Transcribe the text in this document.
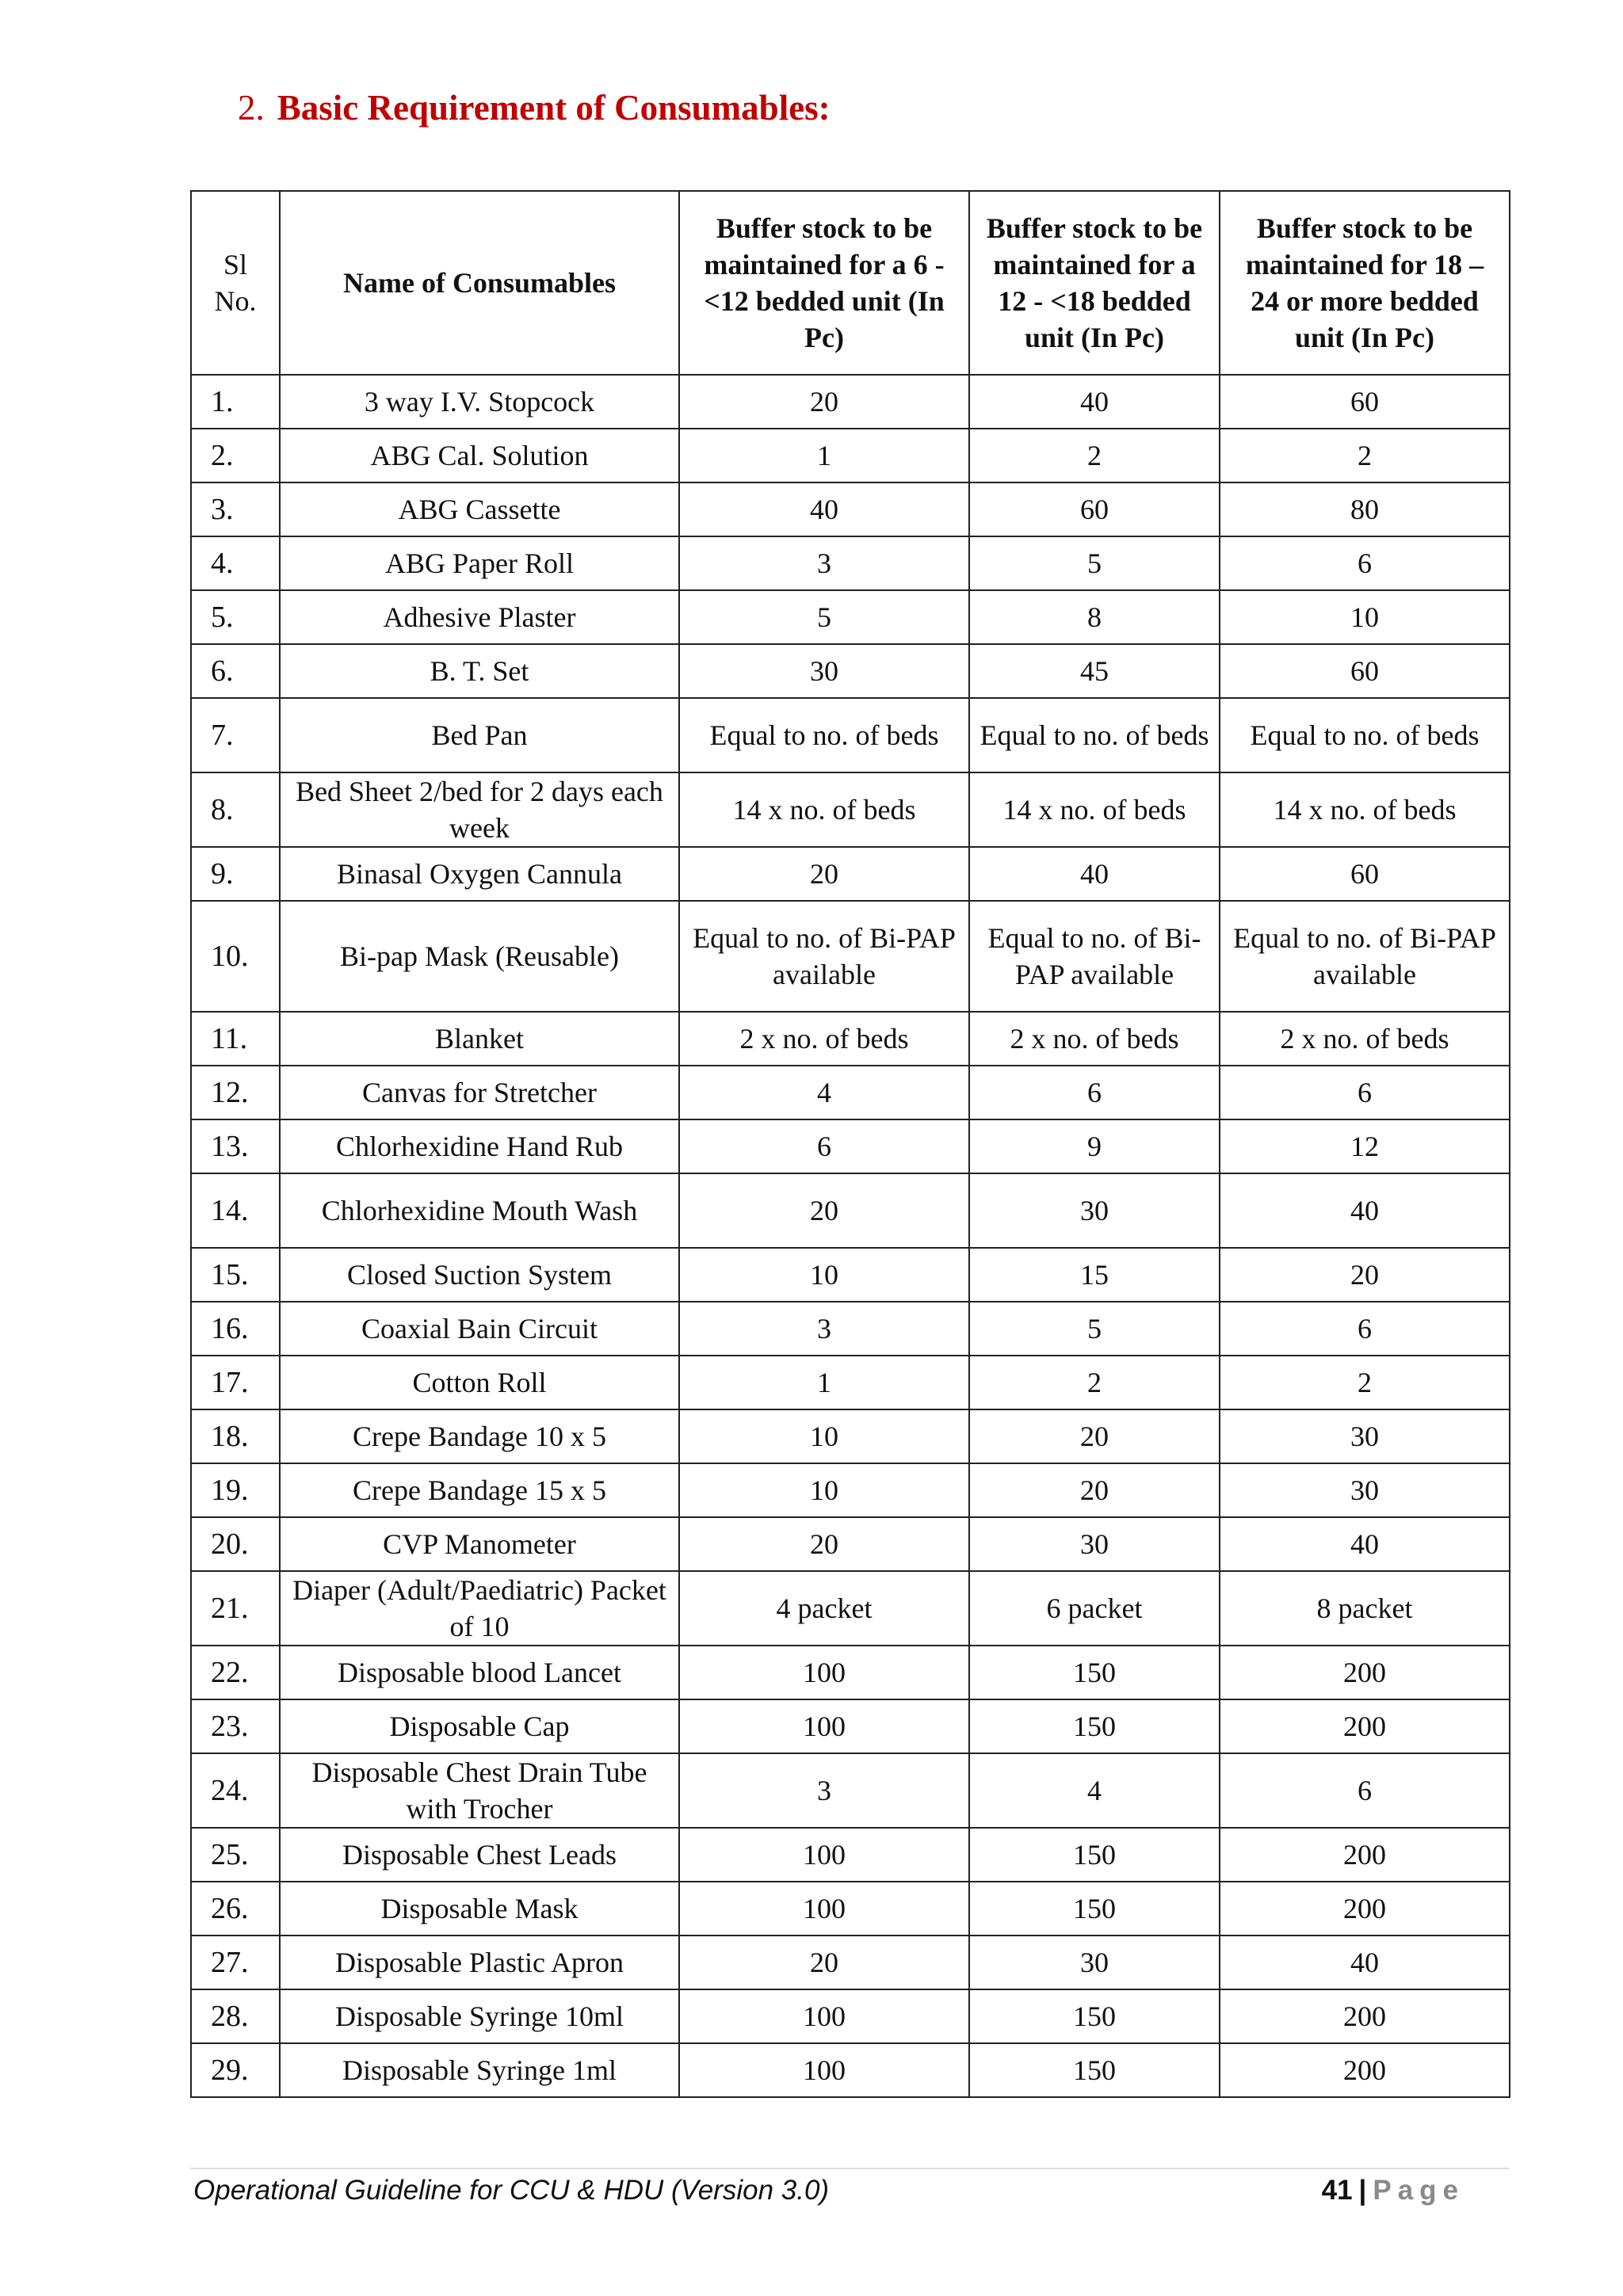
2. Basic Requirement of Consumables:
Sl No.	Name of Consumables	Buffer stock to be maintained for a 6 - <12 bedded unit (In Pc)	Buffer stock to be maintained for a 12 - <18 bedded unit (In Pc)	Buffer stock to be maintained for 18 – 24 or more bedded unit (In Pc)
1.	3 way I.V. Stopcock	20	40	60
2.	ABG Cal. Solution	1	2	2
3.	ABG Cassette	40	60	80
4.	ABG Paper Roll	3	5	6
5.	Adhesive Plaster	5	8	10
6.	B. T. Set	30	45	60
7.	Bed Pan	Equal to no. of beds	Equal to no. of beds	Equal to no. of beds
8.	Bed Sheet 2/bed for 2 days each week	14 x no. of beds	14 x no. of beds	14 x no. of beds
9.	Binasal Oxygen Cannula	20	40	60
10.	Bi-pap Mask (Reusable)	Equal to no. of Bi-PAP available	Equal to no. of Bi-PAP available	Equal to no. of Bi-PAP available
11.	Blanket	2 x no. of beds	2 x no. of beds	2 x no. of beds
12.	Canvas for Stretcher	4	6	6
13.	Chlorhexidine Hand Rub	6	9	12
14.	Chlorhexidine Mouth Wash	20	30	40
15.	Closed Suction System	10	15	20
16.	Coaxial Bain Circuit	3	5	6
17.	Cotton Roll	1	2	2
18.	Crepe Bandage 10 x 5	10	20	30
19.	Crepe Bandage 15 x 5	10	20	30
20.	CVP Manometer	20	30	40
21.	Diaper (Adult/Paediatric) Packet of 10	4 packet	6 packet	8 packet
22.	Disposable blood Lancet	100	150	200
23.	Disposable Cap	100	150	200
24.	Disposable Chest Drain Tube with Trocher	3	4	6
25.	Disposable Chest Leads	100	150	200
26.	Disposable Mask	100	150	200
27.	Disposable Plastic Apron	20	30	40
28.	Disposable Syringe 10ml	100	150	200
29.	Disposable Syringe 1ml	100	150	200
Operational Guideline for CCU & HDU (Version 3.0)	41 | Page
